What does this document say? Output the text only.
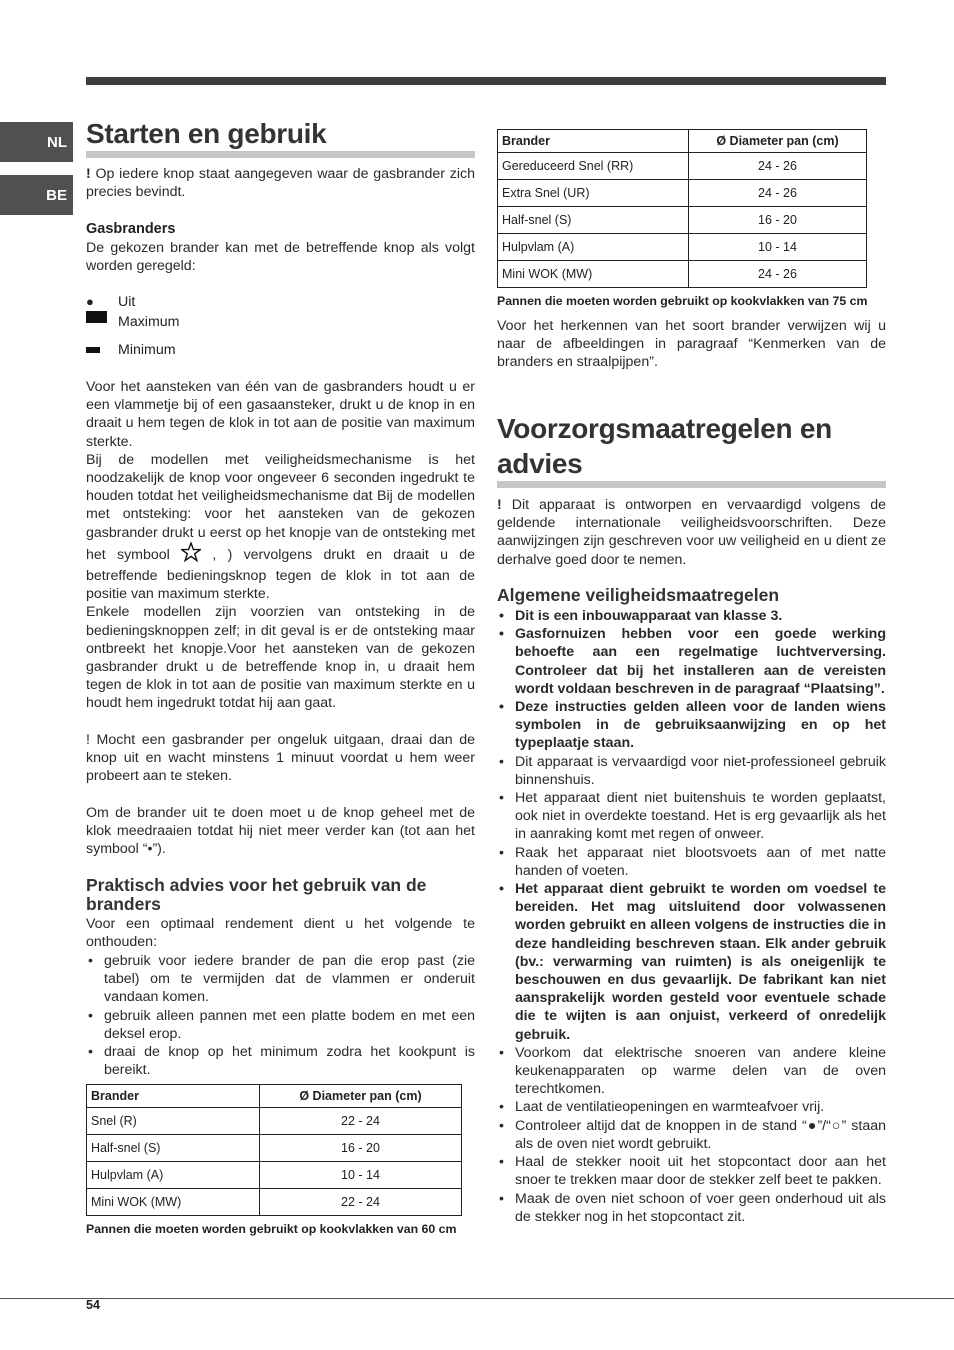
NL
BE
Starten en gebruik

! Op iedere knop staat aangegeven waar de gasbrander zich precies bevindt.

Gasbranders

De gekozen brander kan met de betreffende knop als volgt worden geregeld:

● Uit
Maximum
Minimum

Voor het aansteken van één van de gasbranders houdt u er een vlammetje bij of een gasaansteker, drukt u de knop in en draait u hem tegen de klok in tot aan de positie van maximum sterkte.

Bij de modellen met veiligheidsmechanisme is het noodzakelijk de knop voor ongeveer 6 seconden ingedrukt te houden totdat het veiligheidsmechanisme dat Bij de modellen met ontsteking: voor het aansteken van de gekozen gasbrander drukt u eerst op het knopje van de ontsteking met het symbool  , ) vervolgens drukt en draait u de betreffende bedieningsknop tegen de klok in tot aan de positie van maximum sterkte.

Enkele modellen zijn voorzien van ontsteking in de bedieningsknoppen zelf; in dit geval is er de ontsteking maar ontbreekt het knopje.Voor het aansteken van de gekozen gasbrander drukt u de betreffende knop in, u draait hem tegen de klok in tot aan de positie van maximum sterkte en u houdt hem ingedrukt totdat hij aan gaat.

! Mocht een gasbrander per ongeluk uitgaan, draai dan de knop uit en wacht minstens 1 minuut voordat u hem weer probeert aan te steken.

Om de brander uit te doen moet u de knop geheel met de klok meedraaien totdat hij niet meer verder kan (tot aan het symbool “•”).

Praktisch advies voor het gebruik van de branders

Voor een optimaal rendement dient u het volgende te onthouden:

• gebruik voor iedere brander de pan die erop past (zie tabel) om te vermijden dat de vlammen er onderuit vandaan komen.
• gebruik alleen pannen met een platte bodem en met een deksel erop.
• draai de knop op het minimum zodra het kookpunt is bereikt.
Brander	Ø Diameter pan (cm)
Snel (R)	22 - 24
Half-snel (S)	16 - 20
Hulpvlam (A)	10 - 14
Mini WOK (MW)	22 - 24
Pannen die moeten worden gebruikt op kookvlakken van 60 cm
Brander	Ø Diameter pan (cm)
Gereduceerd Snel (RR)	24 - 26
Extra Snel (UR)	24 - 26
Half-snel (S)	16 - 20
Hulpvlam (A)	10 - 14
Mini WOK (MW)	24 - 26
Pannen die moeten worden gebruikt op kookvlakken van 75 cm

Voor het herkennen van het soort brander verwijzen wij u naar de afbeeldingen in paragraaf “Kenmerken van de branders en straalpijpen”.

Voorzorgsmaatregelen en advies

! Dit apparaat is ontworpen en vervaardigd volgens de geldende internationale veiligheidsvoorschriften. Deze aanwijzingen zijn geschreven voor uw veiligheid en u dient ze derhalve goed door te nemen.

Algemene veiligheidsmaatregelen
• Dit is een inbouwapparaat van klasse 3.
• Gasfornuizen hebben voor een goede werking behoefte aan een regelmatige luchtverversing. Controleer dat bij het installeren aan de vereisten wordt voldaan beschreven in de paragraaf “Plaatsing”.
• Deze instructies gelden alleen voor de landen wiens symbolen in de gebruiksaanwijzing en op het typeplaatje staan.
• Dit apparaat is vervaardigd voor niet-professioneel gebruik binnenshuis.
• Het apparaat dient niet buitenshuis te worden geplaatst, ook niet in overdekte toestand. Het is erg gevaarlijk als het in aanraking komt met regen of onweer.
• Raak het apparaat niet blootsvoets aan of met natte handen of voeten.
• Het apparaat dient gebruikt te worden om voedsel te bereiden. Het mag uitsluitend door volwassenen worden gebruikt en alleen volgens de instructies die in deze handleiding beschreven staan. Elk ander gebruik (bv.: verwarming van ruimten) is als oneigenlijk te beschouwen en dus gevaarlijk. De fabrikant kan niet aansprakelijk worden gesteld voor eventuele schade die te wijten is aan onjuist, verkeerd of onredelijk gebruik.
• Voorkom dat elektrische snoeren van andere kleine keukenapparaten op warme delen van de oven terechtkomen.
• Laat de ventilatieopeningen en warmteafvoer vrij.
• Controleer altijd dat de knoppen in de stand “●”/“○” staan als de oven niet wordt gebruikt.
• Haal de stekker nooit uit het stopcontact door aan het snoer te trekken maar door de stekker zelf beet te pakken.
• Maak de oven niet schoon of voer geen onderhoud uit als de stekker nog in het stopcontact zit.
54
